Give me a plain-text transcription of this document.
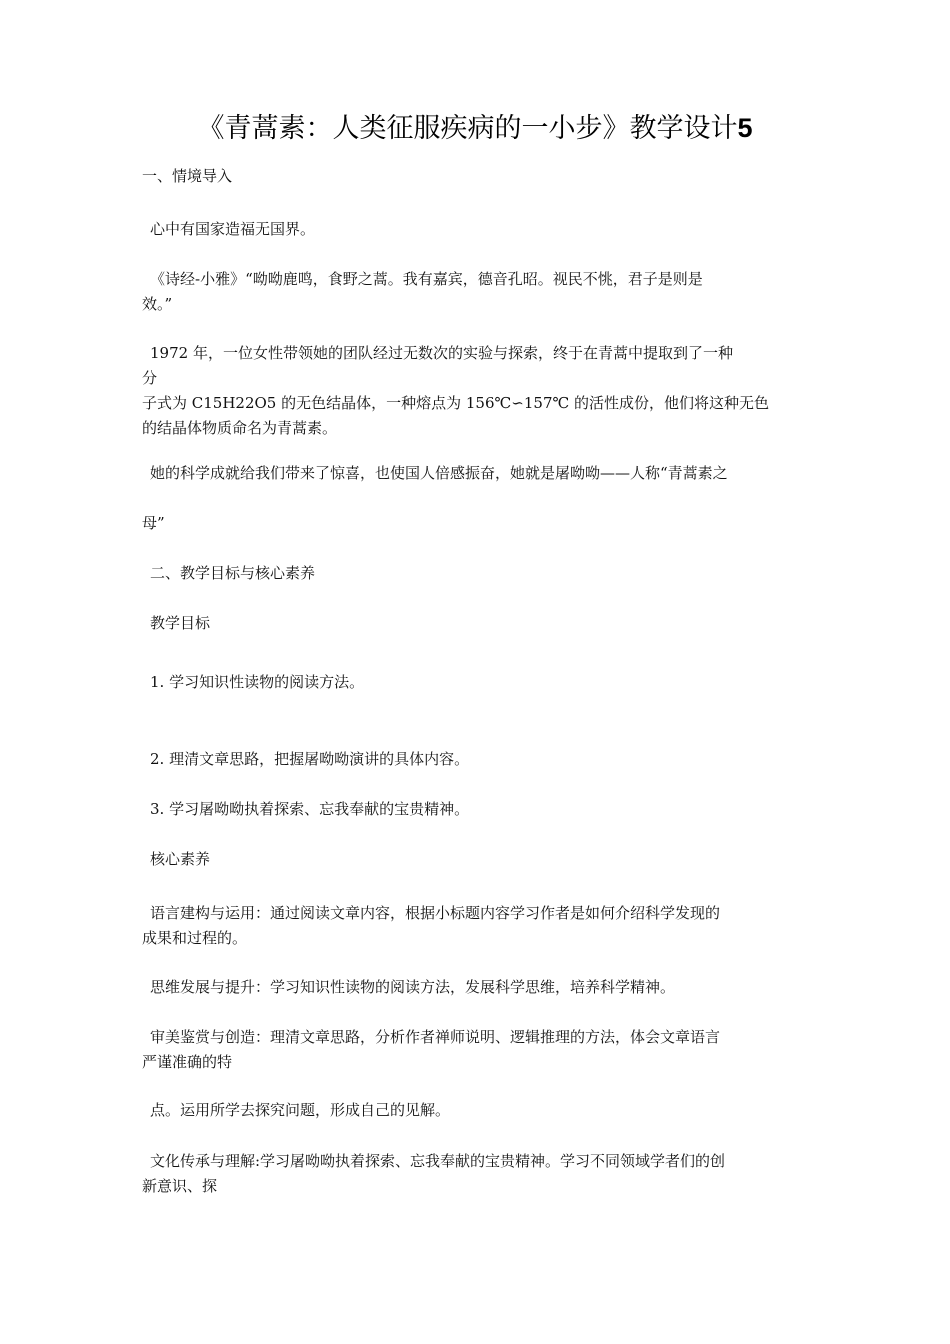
《青蒿素：人类征服疾病的一小步》教学设计5
一、情境导入
心中有国家造福无国界。
《诗经-小雅》“呦呦鹿鸣，食野之蒿。我有嘉宾，德音孔昭。视民不恌，君子是则是
效。”
1972 年，一位女性带领她的团队经过无数次的实验与探索，终于在青蒿中提取到了一种
分
子式为 C15H22O5 的无色结晶体，一种熔点为 156℃∽157℃ 的活性成份，他们将这种无色
的结晶体物质命名为青蒿素。
她的科学成就给我们带来了惊喜，也使国人倍感振奋，她就是屠呦呦——人称“青蒿素之
母”
二、教学目标与核心素养
教学目标
1. 学习知识性读物的阅读方法。
2. 理清文章思路，把握屠呦呦演讲的具体内容。
3. 学习屠呦呦执着探索、忘我奉献的宝贵精神。
核心素养
语言建构与运用：通过阅读文章内容，根据小标题内容学习作者是如何介绍科学发现的
成果和过程的。
思维发展与提升：学习知识性读物的阅读方法，发展科学思维，培养科学精神。
审美鉴赏与创造：理清文章思路，分析作者禅师说明、逻辑推理的方法，体会文章语言
严谨准确的特
点。运用所学去探究问题，形成自己的见解。
文化传承与理解:学习屠呦呦执着探索、忘我奉献的宝贵精神。学习不同领域学者们的创
新意识、探
